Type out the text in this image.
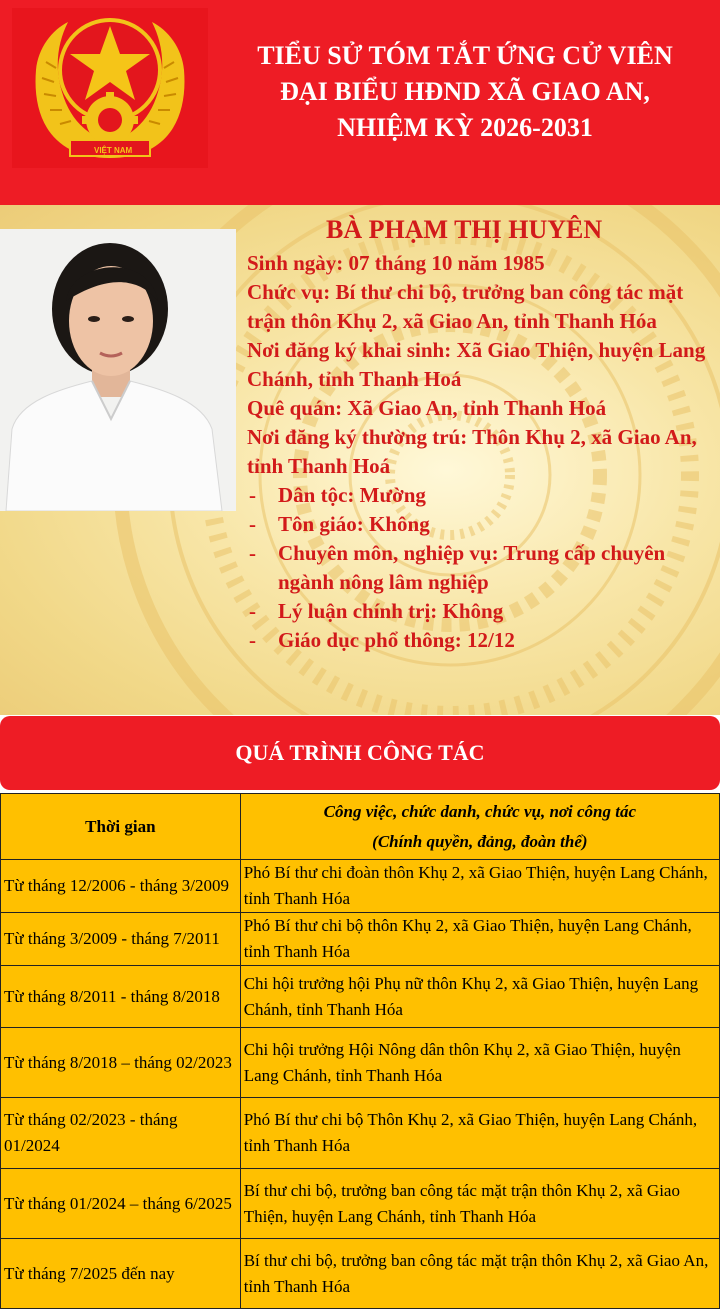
VIỆT NAM
TIỂU SỬ TÓM TẮT ỨNG CỬ VIÊN
ĐẠI BIỂU HĐND XÃ GIAO AN,
NHIỆM KỲ 2026-2031
BÀ PHẠM THỊ HUYÊN

Sinh ngày: 07 tháng 10 năm 1985

Chức vụ: Bí thư chi bộ, trưởng ban công tác mặt trận thôn Khụ 2, xã Giao An, tỉnh Thanh Hóa

Nơi đăng ký khai sinh: Xã Giao Thiện, huyện Lang Chánh, tỉnh Thanh Hoá

Quê quán: Xã Giao An, tỉnh Thanh Hoá

Nơi đăng ký thường trú: Thôn Khụ 2, xã Giao An, tỉnh Thanh Hoá

- Dân tộc: Mường
- Tôn giáo: Không
- Chuyên môn, nghiệp vụ: Trung cấp chuyên ngành nông lâm nghiệp
- Lý luận chính trị: Không
- Giáo dục phổ thông: 12/12
QUÁ TRÌNH CÔNG TÁC
Thời gian	Công việc, chức danh, chức vụ, nơi công tác
(Chính quyền, đảng, đoàn thể)

Từ tháng 12/2006 - tháng 3/2009	Phó Bí thư chi đoàn thôn Khụ 2, xã Giao Thiện, huyện Lang Chánh, tỉnh Thanh Hóa
Từ tháng 3/2009 - tháng 7/2011	Phó Bí thư chi bộ thôn Khụ 2, xã Giao Thiện, huyện Lang Chánh, tỉnh Thanh Hóa
Từ tháng 8/2011 - tháng 8/2018	Chi hội trưởng hội Phụ nữ thôn Khụ 2, xã Giao Thiện, huyện Lang Chánh, tỉnh Thanh Hóa
Từ tháng 8/2018 – tháng 02/2023	Chi hội trưởng Hội Nông dân thôn Khụ 2, xã Giao Thiện, huyện Lang Chánh, tỉnh Thanh Hóa
Từ tháng 02/2023 - tháng 01/2024	Phó Bí thư chi bộ Thôn Khụ 2, xã Giao Thiện, huyện Lang Chánh, tỉnh Thanh Hóa
Từ tháng 01/2024 – tháng 6/2025	Bí thư chi bộ, trưởng ban công tác mặt trận thôn Khụ 2, xã Giao Thiện, huyện Lang Chánh, tỉnh Thanh Hóa
Từ tháng 7/2025 đến nay	Bí thư chi bộ, trưởng ban công tác mặt trận thôn Khụ 2, xã Giao An, tỉnh Thanh Hóa
